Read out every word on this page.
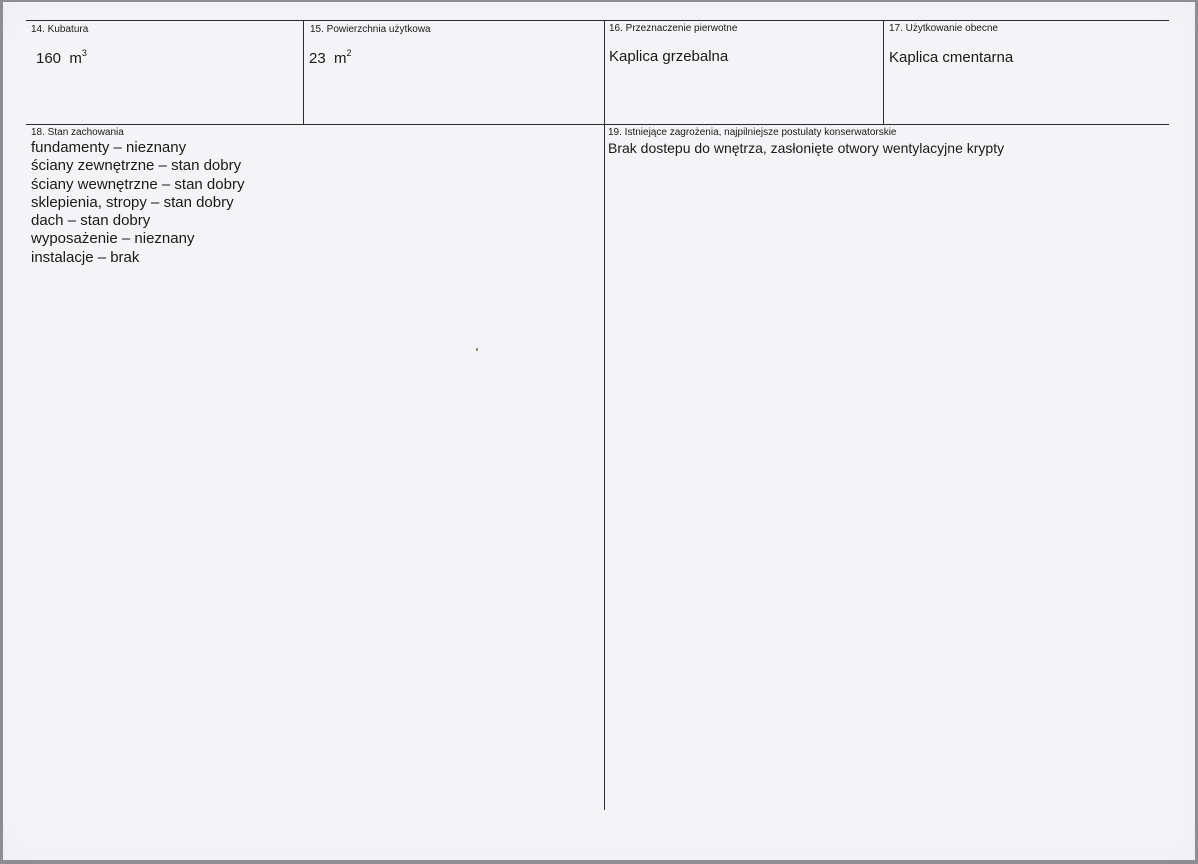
14. Kubatura
160 $m^3$
15. Powierzchnia użytkowa
23 $m^2$
16. Przeznaczenie pierwotne
Kaplica grzebalna
17. Użytkowanie obecne
Kaplica cmentarna
18. Stan zachowania
fundamenty – nieznany
ściany zewnętrzne – stan dobry
ściany wewnętrzne – stan dobry
sklepienia, stropy – stan dobry
dach – stan dobry
wyposażenie – nieznany
instalacje – brak
19. Istniejące zagrożenia, najpilniejsze postulaty konserwatorskie
Brak dostepu do wnętrza, zasłonięte otwory wentylacyjne krypty
